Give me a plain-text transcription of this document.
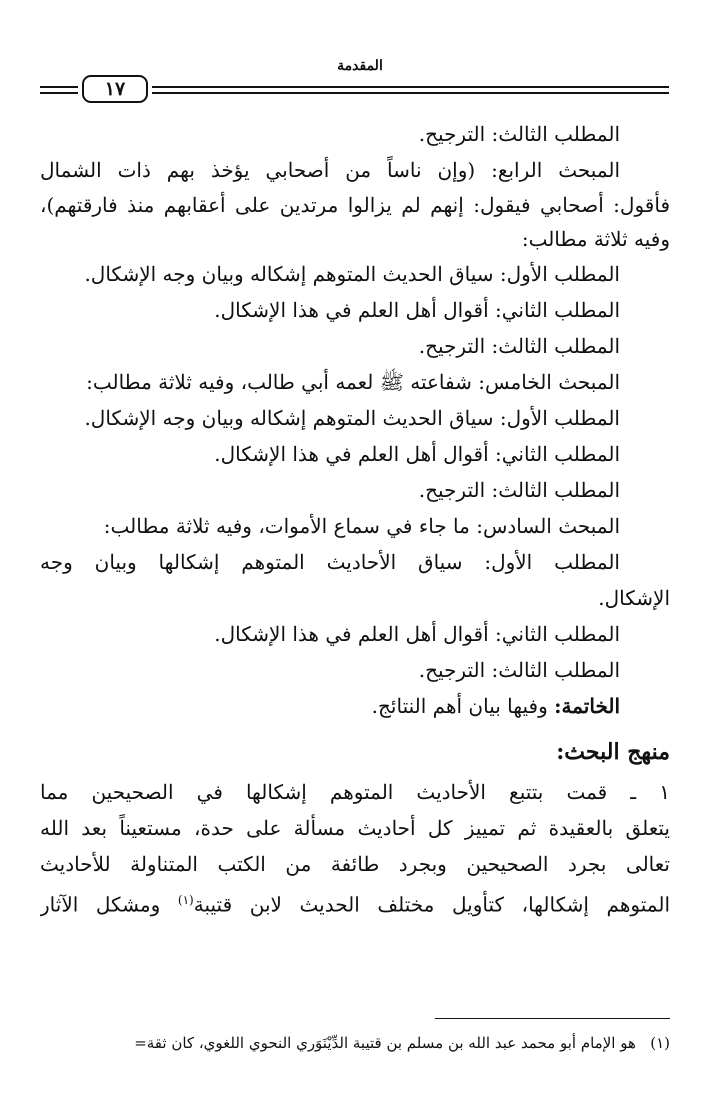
المقدمة
١٧
المطلب الثالث: الترجيح.
المبحث الرابع: (وإن ناساً من أصحابي يؤخذ بهم ذات الشمال
فأقول: أصحابي فيقول: إنهم لم يزالوا مرتدين على أعقابهم منذ فارقتهم)،
وفيه ثلاثة مطالب:
المطلب الأول: سياق الحديث المتوهم إشكاله وبيان وجه الإشكال.
المطلب الثاني: أقوال أهل العلم في هذا الإشكال.
المطلب الثالث: الترجيح.
المبحث الخامس: شفاعته ﷺ لعمه أبي طالب، وفيه ثلاثة مطالب:
المطلب الأول: سياق الحديث المتوهم إشكاله وبيان وجه الإشكال.
المطلب الثاني: أقوال أهل العلم في هذا الإشكال.
المطلب الثالث: الترجيح.
المبحث السادس: ما جاء في سماع الأموات، وفيه ثلاثة مطالب:
المطلب الأول: سياق الأحاديث المتوهم إشكالها وبيان وجه
الإشكال.
المطلب الثاني: أقوال أهل العلم في هذا الإشكال.
المطلب الثالث: الترجيح.
الخاتمة: وفيها بيان أهم النتائج.
منهج البحث:
١ ـ قمت بتتبع الأحاديث المتوهم إشكالها في الصحيحين مما
يتعلق بالعقيدة ثم تمييز كل أحاديث مسألة على حدة، مستعيناً بعد الله
تعالى بجرد الصحيحين وبجرد طائفة من الكتب المتناولة للأحاديث
المتوهم إشكالها، كتأويل مختلف الحديث لابن قتيبة$^{(١)}$ ومشكل الآثار
(١)   هو الإمام أبو محمد عبد الله بن مسلم بن قتيبة الدِّيْنَوَري النحوي اللغوي، كان ثقة=
